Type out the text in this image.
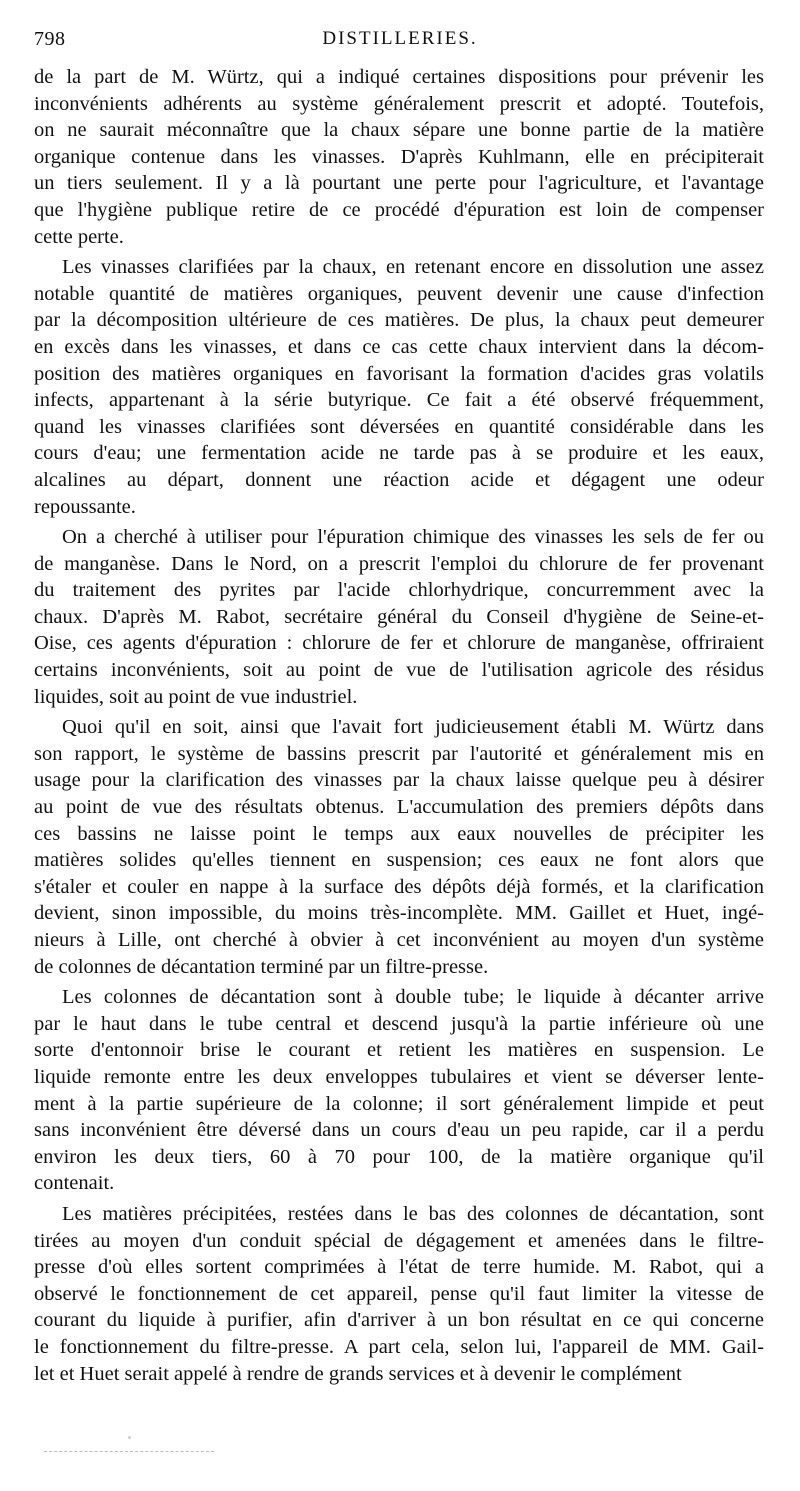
798	DISTILLERIES.
de la part de M. Würtz, qui a indiqué certaines dispositions pour prévenir les
inconvénients adhérents au système généralement prescrit et adopté. Toutefois,
on ne saurait méconnaître que la chaux sépare une bonne partie de la matière
organique contenue dans les vinasses. D'après Kuhlmann, elle en précipiterait
un tiers seulement. Il y a là pourtant une perte pour l'agriculture, et l'avantage
que l'hygiène publique retire de ce procédé d'épuration est loin de compenser
cette perte.
Les vinasses clarifiées par la chaux, en retenant encore en dissolution une assez
notable quantité de matières organiques, peuvent devenir une cause d'infection
par la décomposition ultérieure de ces matières. De plus, la chaux peut demeurer
en excès dans les vinasses, et dans ce cas cette chaux intervient dans la décom-
position des matières organiques en favorisant la formation d'acides gras volatils
infects, appartenant à la série butyrique. Ce fait a été observé fréquemment,
quand les vinasses clarifiées sont déversées en quantité considérable dans les
cours d'eau; une fermentation acide ne tarde pas à se produire et les eaux,
alcalines au départ, donnent une réaction acide et dégagent une odeur
repoussante.
On a cherché à utiliser pour l'épuration chimique des vinasses les sels de fer ou
de manganèse. Dans le Nord, on a prescrit l'emploi du chlorure de fer provenant
du traitement des pyrites par l'acide chlorhydrique, concurremment avec la
chaux. D'après M. Rabot, secrétaire général du Conseil d'hygiène de Seine-et-
Oise, ces agents d'épuration : chlorure de fer et chlorure de manganèse, offriraient
certains inconvénients, soit au point de vue de l'utilisation agricole des résidus
liquides, soit au point de vue industriel.
Quoi qu'il en soit, ainsi que l'avait fort judicieusement établi M. Würtz dans
son rapport, le système de bassins prescrit par l'autorité et généralement mis en
usage pour la clarification des vinasses par la chaux laisse quelque peu à désirer
au point de vue des résultats obtenus. L'accumulation des premiers dépôts dans
ces bassins ne laisse point le temps aux eaux nouvelles de précipiter les
matières solides qu'elles tiennent en suspension; ces eaux ne font alors que
s'étaler et couler en nappe à la surface des dépôts déjà formés, et la clarification
devient, sinon impossible, du moins très-incomplète. MM. Gaillet et Huet, ingé-
nieurs à Lille, ont cherché à obvier à cet inconvénient au moyen d'un système
de colonnes de décantation terminé par un filtre-presse.
Les colonnes de décantation sont à double tube; le liquide à décanter arrive
par le haut dans le tube central et descend jusqu'à la partie inférieure où une
sorte d'entonnoir brise le courant et retient les matières en suspension. Le
liquide remonte entre les deux enveloppes tubulaires et vient se déverser lente-
ment à la partie supérieure de la colonne; il sort généralement limpide et peut
sans inconvénient être déversé dans un cours d'eau un peu rapide, car il a perdu
environ les deux tiers, 60 à 70 pour 100, de la matière organique qu'il
contenait.
Les matières précipitées, restées dans le bas des colonnes de décantation, sont
tirées au moyen d'un conduit spécial de dégagement et amenées dans le filtre-
presse d'où elles sortent comprimées à l'état de terre humide. M. Rabot, qui a
observé le fonctionnement de cet appareil, pense qu'il faut limiter la vitesse de
courant du liquide à purifier, afin d'arriver à un bon résultat en ce qui concerne
le fonctionnement du filtre-presse. A part cela, selon lui, l'appareil de MM. Gail-
let et Huet serait appelé à rendre de grands services et à devenir le complément
